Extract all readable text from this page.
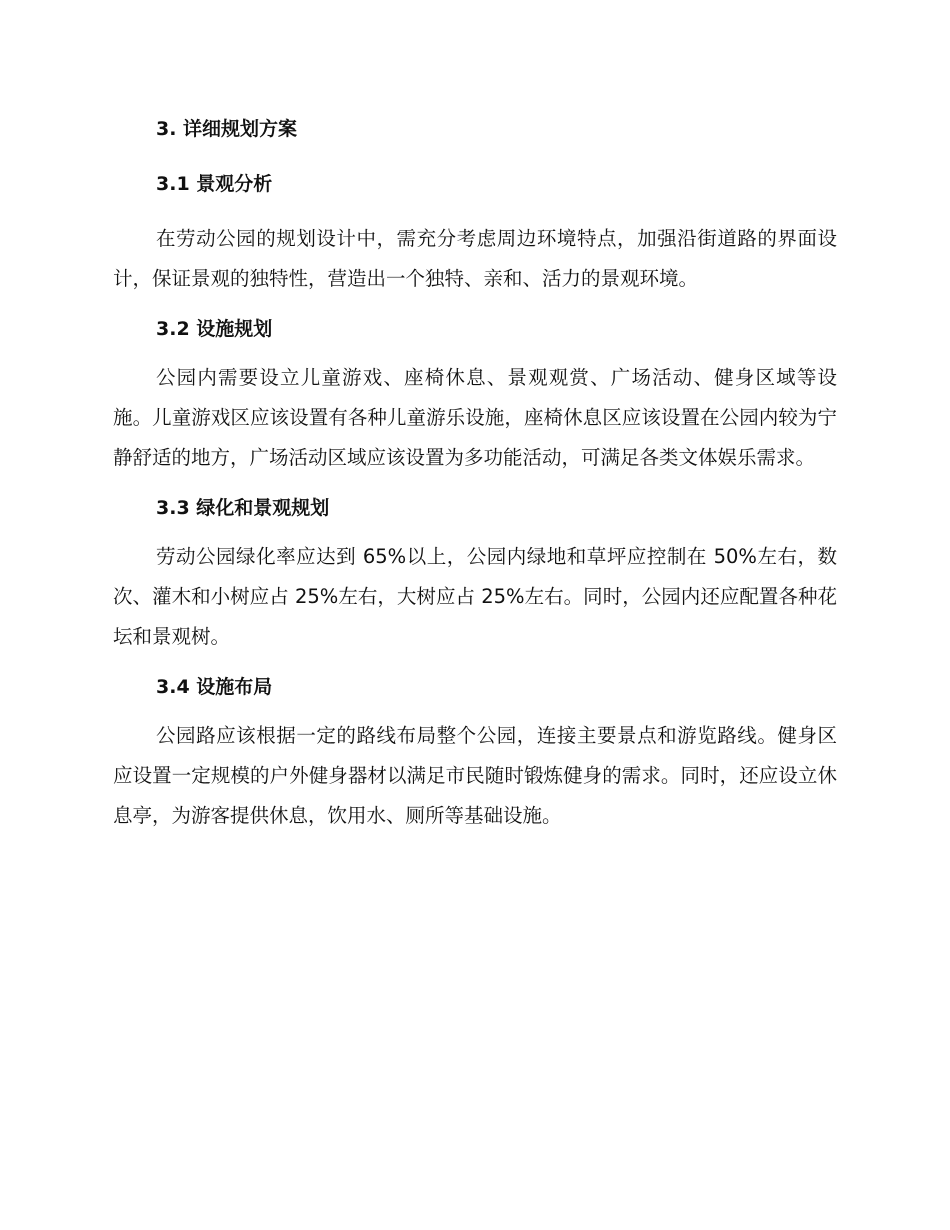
3. 详细规划方案
3.1 景观分析

在劳动公园的规划设计中，需充分考虑周边环境特点，加强沿街道路的界面设计，保证景观的独特性，营造出一个独特、亲和、活力的景观环境。

3.2 设施规划

公园内需要设立儿童游戏、座椅休息、景观观赏、广场活动、健身区域等设施。儿童游戏区应该设置有各种儿童游乐设施，座椅休息区应该设置在公园内较为宁静舒适的地方，广场活动区域应该设置为多功能活动，可满足各类文体娱乐需求。

3.3 绿化和景观规划

劳动公园绿化率应达到 65%以上，公园内绿地和草坪应控制在 50%左右，数次、灌木和小树应占 25%左右，大树应占 25%左右。同时，公园内还应配置各种花坛和景观树。

3.4 设施布局

公园路应该根据一定的路线布局整个公园，连接主要景点和游览路线。健身区应设置一定规模的户外健身器材以满足市民随时锻炼健身的需求。同时，还应设立休息亭，为游客提供休息，饮用水、厕所等基础设施。
